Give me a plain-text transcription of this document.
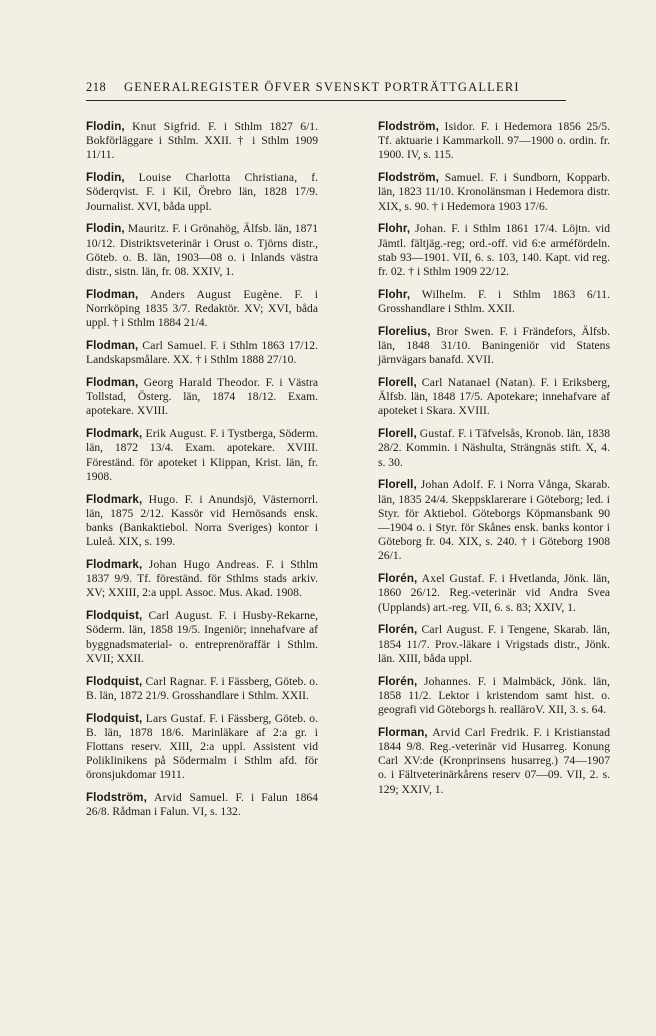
218	GENERALREGISTER ÖFVER SVENSKT PORTRÄTTGALLERI

Flodin, Knut Sigfrid. F. i Sthlm 1827 6/1. Bokförläggare i Sthlm. XXII. † i Sthlm 1909 11/11.

Flodin, Louise Charlotta Christiana, f. Söderqvist. F. i Kil, Örebro län, 1828 17/9. Journalist. XVI, båda uppl.

Flodin, Mauritz. F. i Grönahög, Älfsb. län, 1871 10/12. Distriktsveterinär i Orust o. Tjörns distr., Göteb. o. B. län, 1903—08 o. i Inlands västra distr., sistn. län, fr. 08. XXIV, 1.

Flodman, Anders August Eugène. F. i Norrköping 1835 3/7. Redaktör. XV; XVI, båda uppl. † i Sthlm 1884 21/4.

Flodman, Carl Samuel. F. i Sthlm 1863 17/12. Landskapsmålare. XX. † i Sthlm 1888 27/10.

Flodman, Georg Harald Theodor. F. i Västra Tollstad, Österg. län, 1874 18/12. Exam. apotekare. XVIII.

Flodmark, Erik August. F. i Tystberga, Söderm. län, 1872 13/4. Exam. apotekare. XVIII. Föreständ. för apoteket i Klippan, Krist. län, fr. 1908.

Flodmark, Hugo. F. i Anundsjö, Västernorrl. län, 1875 2/12. Kassör vid Hernösands ensk. banks (Bankaktiebol. Norra Sveriges) kontor i Luleå. XIX, s. 199.

Flodmark, Johan Hugo Andreas. F. i Sthlm 1837 9/9. Tf. föreständ. för Sthlms stads arkiv. XV; XXIII, 2:a uppl. Assoc. Mus. Akad. 1908.

Flodquist, Carl August. F. i Husby-Rekarne, Söderm. län, 1858 19/5. Ingeniör; innehafvare af byggnadsmaterial- o. entreprenöraffär i Sthlm. XVII; XXII.

Flodquist, Carl Ragnar. F. i Fässberg, Göteb. o. B. län, 1872 21/9. Grosshandlare i Sthlm. XXII.

Flodquist, Lars Gustaf. F. i Fässberg, Göteb. o. B. län, 1878 18/6. Marinläkare af 2:a gr. i Flottans reserv. XIII, 2:a uppl. Assistent vid Poliklinikens på Södermalm i Sthlm afd. för öronsjukdomar 1911.

Flodström, Arvid Samuel. F. i Falun 1864 26/8. Rådman i Falun. VI, s. 132.

Flodström, Isidor. F. i Hedemora 1856 25/5. Tf. aktuarie i Kammarkoll. 97—1900 o. ordin. fr. 1900. IV, s. 115.

Flodström, Samuel. F. i Sundborn, Kopparb. län, 1823 11/10. Kronolänsman i Hedemora distr. XIX, s. 90. † i Hedemora 1903 17/6.

Flohr, Johan. F. i Sthlm 1861 17/4. Löjtn. vid Jämtl. fältjäg.-reg; ord.-off. vid 6:e arméfördeln. stab 93—1901. VII, 6. s. 103, 140. Kapt. vid reg. fr. 02. † i Sthlm 1909 22/12.

Flohr, Wilhelm. F. i Sthlm 1863 6/11. Grosshandlare i Sthlm. XXII.

Florelius, Bror Swen. F. i Frändefors, Älfsb. län, 1848 31/10. Baningeniör vid Statens järnvägars banafd. XVII.

Florell, Carl Natanael (Natan). F. i Eriksberg, Älfsb. län, 1848 17/5. Apotekare; innehafvare af apoteket i Skara. XVIII.

Florell, Gustaf. F. i Täfvelsås, Kronob. län, 1838 28/2. Kommin. i Näshulta, Strängnäs stift. X, 4. s. 30.

Florell, Johan Adolf. F. i Norra Vånga, Skarab. län, 1835 24/4. Skeppsklarerare i Göteborg; led. i Styr. för Aktiebol. Göteborgs Köpmansbank 90 —1904 o. i Styr. för Skånes ensk. banks kontor i Göteborg fr. 04. XIX, s. 240. † i Göteborg 1908 26/1.

Florén, Axel Gustaf. F. i Hvetlanda, Jönk. län, 1860 26/12. Reg.-veterinär vid Andra Svea (Upplands) art.-reg. VII, 6. s. 83; XXIV, 1.

Florén, Carl August. F. i Tengene, Skarab. län, 1854 11/7. Prov.-läkare i Vrigstads distr., Jönk. län. XIII, båda uppl.

Florén, Johannes. F. i Malmbäck, Jönk. län, 1858 11/2. Lektor i kristendom samt hist. o. geografi vid Göteborgs h. realläroV. XII, 3. s. 64.

Florman, Arvid Carl Fredrik. F. i Kristianstad 1844 9/8. Reg.-veterinär vid Husarreg. Konung Carl XV:de (Kronprinsens husarreg.) 74—1907 o. i Fältveterinärkårens reserv 07—09. VII, 2. s. 129; XXIV, 1.
